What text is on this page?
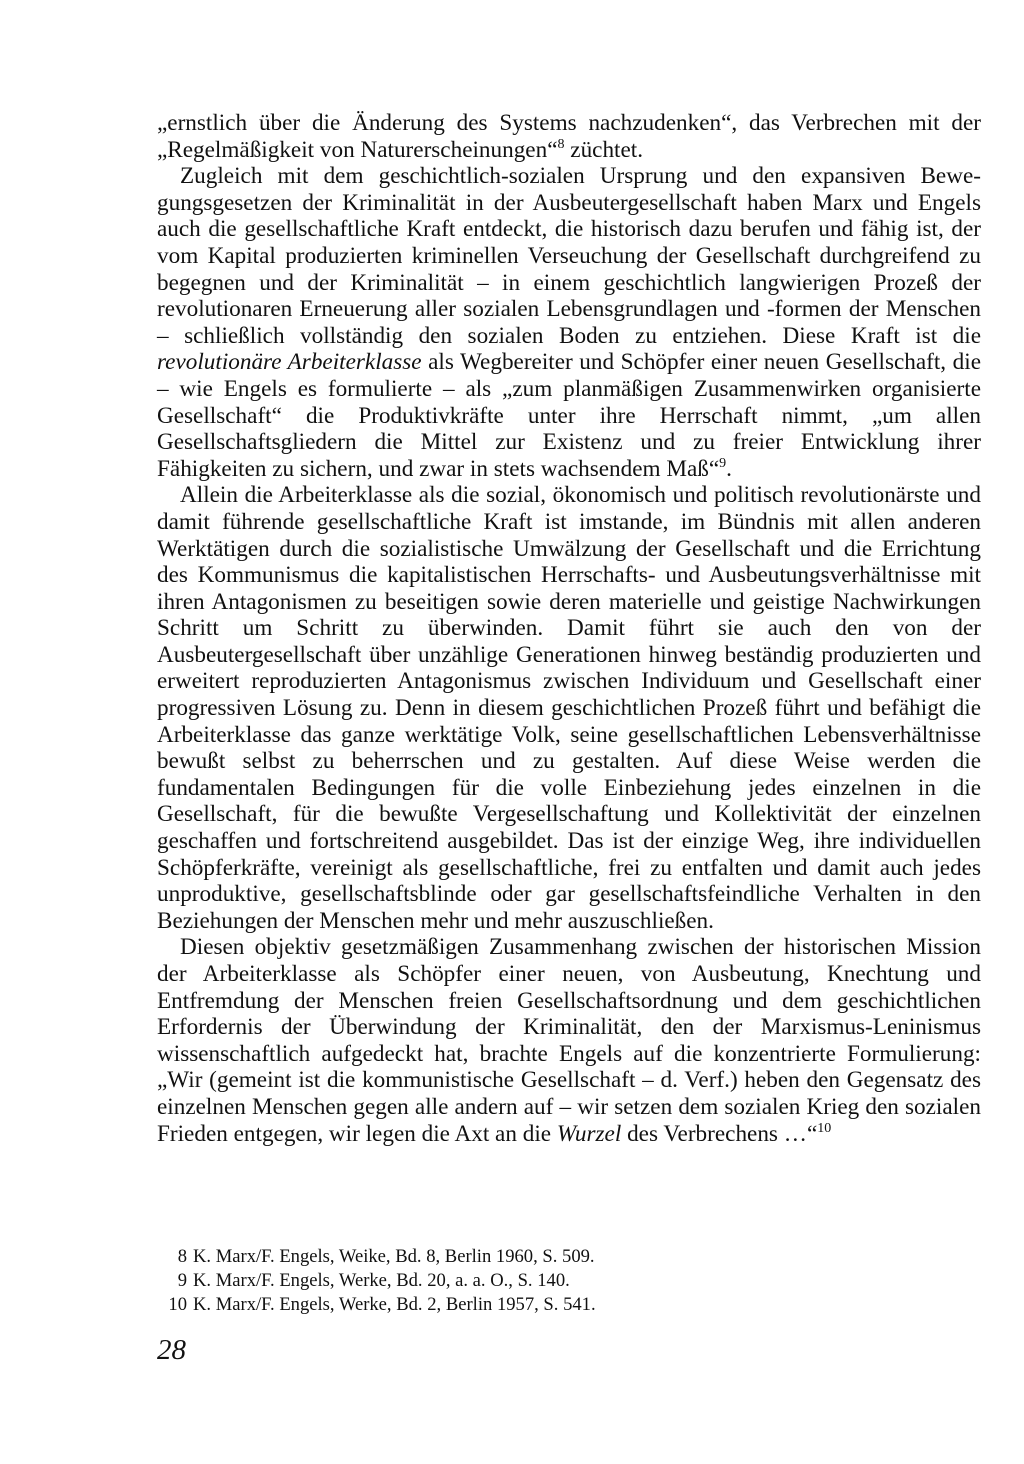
„ernstlich über die Änderung des Systems nachzudenken“, das Verbrechen mit der „Regelmäßigkeit von Naturerscheinungen“$^8$ züchtet.

Zugleich mit dem geschichtlich-sozialen Ursprung und den expansiven Bewegungsgesetzen der Kriminalität in der Ausbeutergesellschaft haben Marx und Engels auch die gesellschaftliche Kraft entdeckt, die historisch dazu berufen und fähig ist, der vom Kapital produzierten kriminellen Verseuchung der Gesellschaft durchgreifend zu begegnen und der Kriminalität – in einem geschichtlich langwierigen Prozeß der revolutionaren Erneuerung aller sozialen Lebensgrundlagen und -formen der Menschen – schließlich vollständig den sozialen Boden zu entziehen. Diese Kraft ist die revolutionäre Arbeiterklasse als Wegbereiter und Schöpfer einer neuen Gesellschaft, die – wie Engels es formulierte – als „zum planmäßigen Zusammenwirken organisierte Gesellschaft“ die Produktivkräfte unter ihre Herrschaft nimmt, „um allen Gesellschaftsgliedern die Mittel zur Existenz und zu freier Entwicklung ihrer Fähigkeiten zu sichern, und zwar in stets wachsendem Maß“$^9$.

Allein die Arbeiterklasse als die sozial, ökonomisch und politisch revolutionärste und damit führende gesellschaftliche Kraft ist imstande, im Bündnis mit allen anderen Werktätigen durch die sozialistische Umwälzung der Gesellschaft und die Errichtung des Kommunismus die kapitalistischen Herrschafts- und Ausbeutungsverhältnisse mit ihren Antagonismen zu beseitigen sowie deren materielle und geistige Nachwirkungen Schritt um Schritt zu überwinden. Damit führt sie auch den von der Ausbeutergesellschaft über unzählige Generationen hinweg beständig produzierten und erweitert reproduzierten Antagonismus zwischen Individuum und Gesellschaft einer progressiven Lösung zu. Denn in diesem geschichtlichen Prozeß führt und befähigt die Arbeiterklasse das ganze werktätige Volk, seine gesellschaftlichen Lebensverhältnisse bewußt selbst zu beherrschen und zu gestalten. Auf diese Weise werden die fundamentalen Bedingungen für die volle Einbeziehung jedes einzelnen in die Gesellschaft, für die bewußte Vergesellschaftung und Kollektivität der einzelnen geschaffen und fortschreitend ausgebildet. Das ist der einzige Weg, ihre individuellen Schöpferkräfte, vereinigt als gesellschaftliche, frei zu entfalten und damit auch jedes unproduktive, gesellschaftsblinde oder gar gesellschaftsfeindliche Verhalten in den Beziehungen der Menschen mehr und mehr auszuschließen.

Diesen objektiv gesetzmäßigen Zusammenhang zwischen der historischen Mission der Arbeiterklasse als Schöpfer einer neuen, von Ausbeutung, Knechtung und Entfremdung der Menschen freien Gesellschaftsordnung und dem geschichtlichen Erfordernis der Überwindung der Kriminalität, den der Marxismus-Leninismus wissenschaftlich aufgedeckt hat, brachte Engels auf die konzentrierte Formulierung: „Wir (gemeint ist die kommunistische Gesellschaft – d. Verf.) heben den Gegensatz des einzelnen Menschen gegen alle andern auf – wir setzen dem sozialen Krieg den sozialen Frieden entgegen, wir legen die Axt an die Wurzel des Verbrechens …“$^{10}$

8 K. Marx/F. Engels, Weike, Bd. 8, Berlin 1960, S. 509.
9 K. Marx/F. Engels, Werke, Bd. 20, a. a. O., S. 140.
10 K. Marx/F. Engels, Werke, Bd. 2, Berlin 1957, S. 541.
28
